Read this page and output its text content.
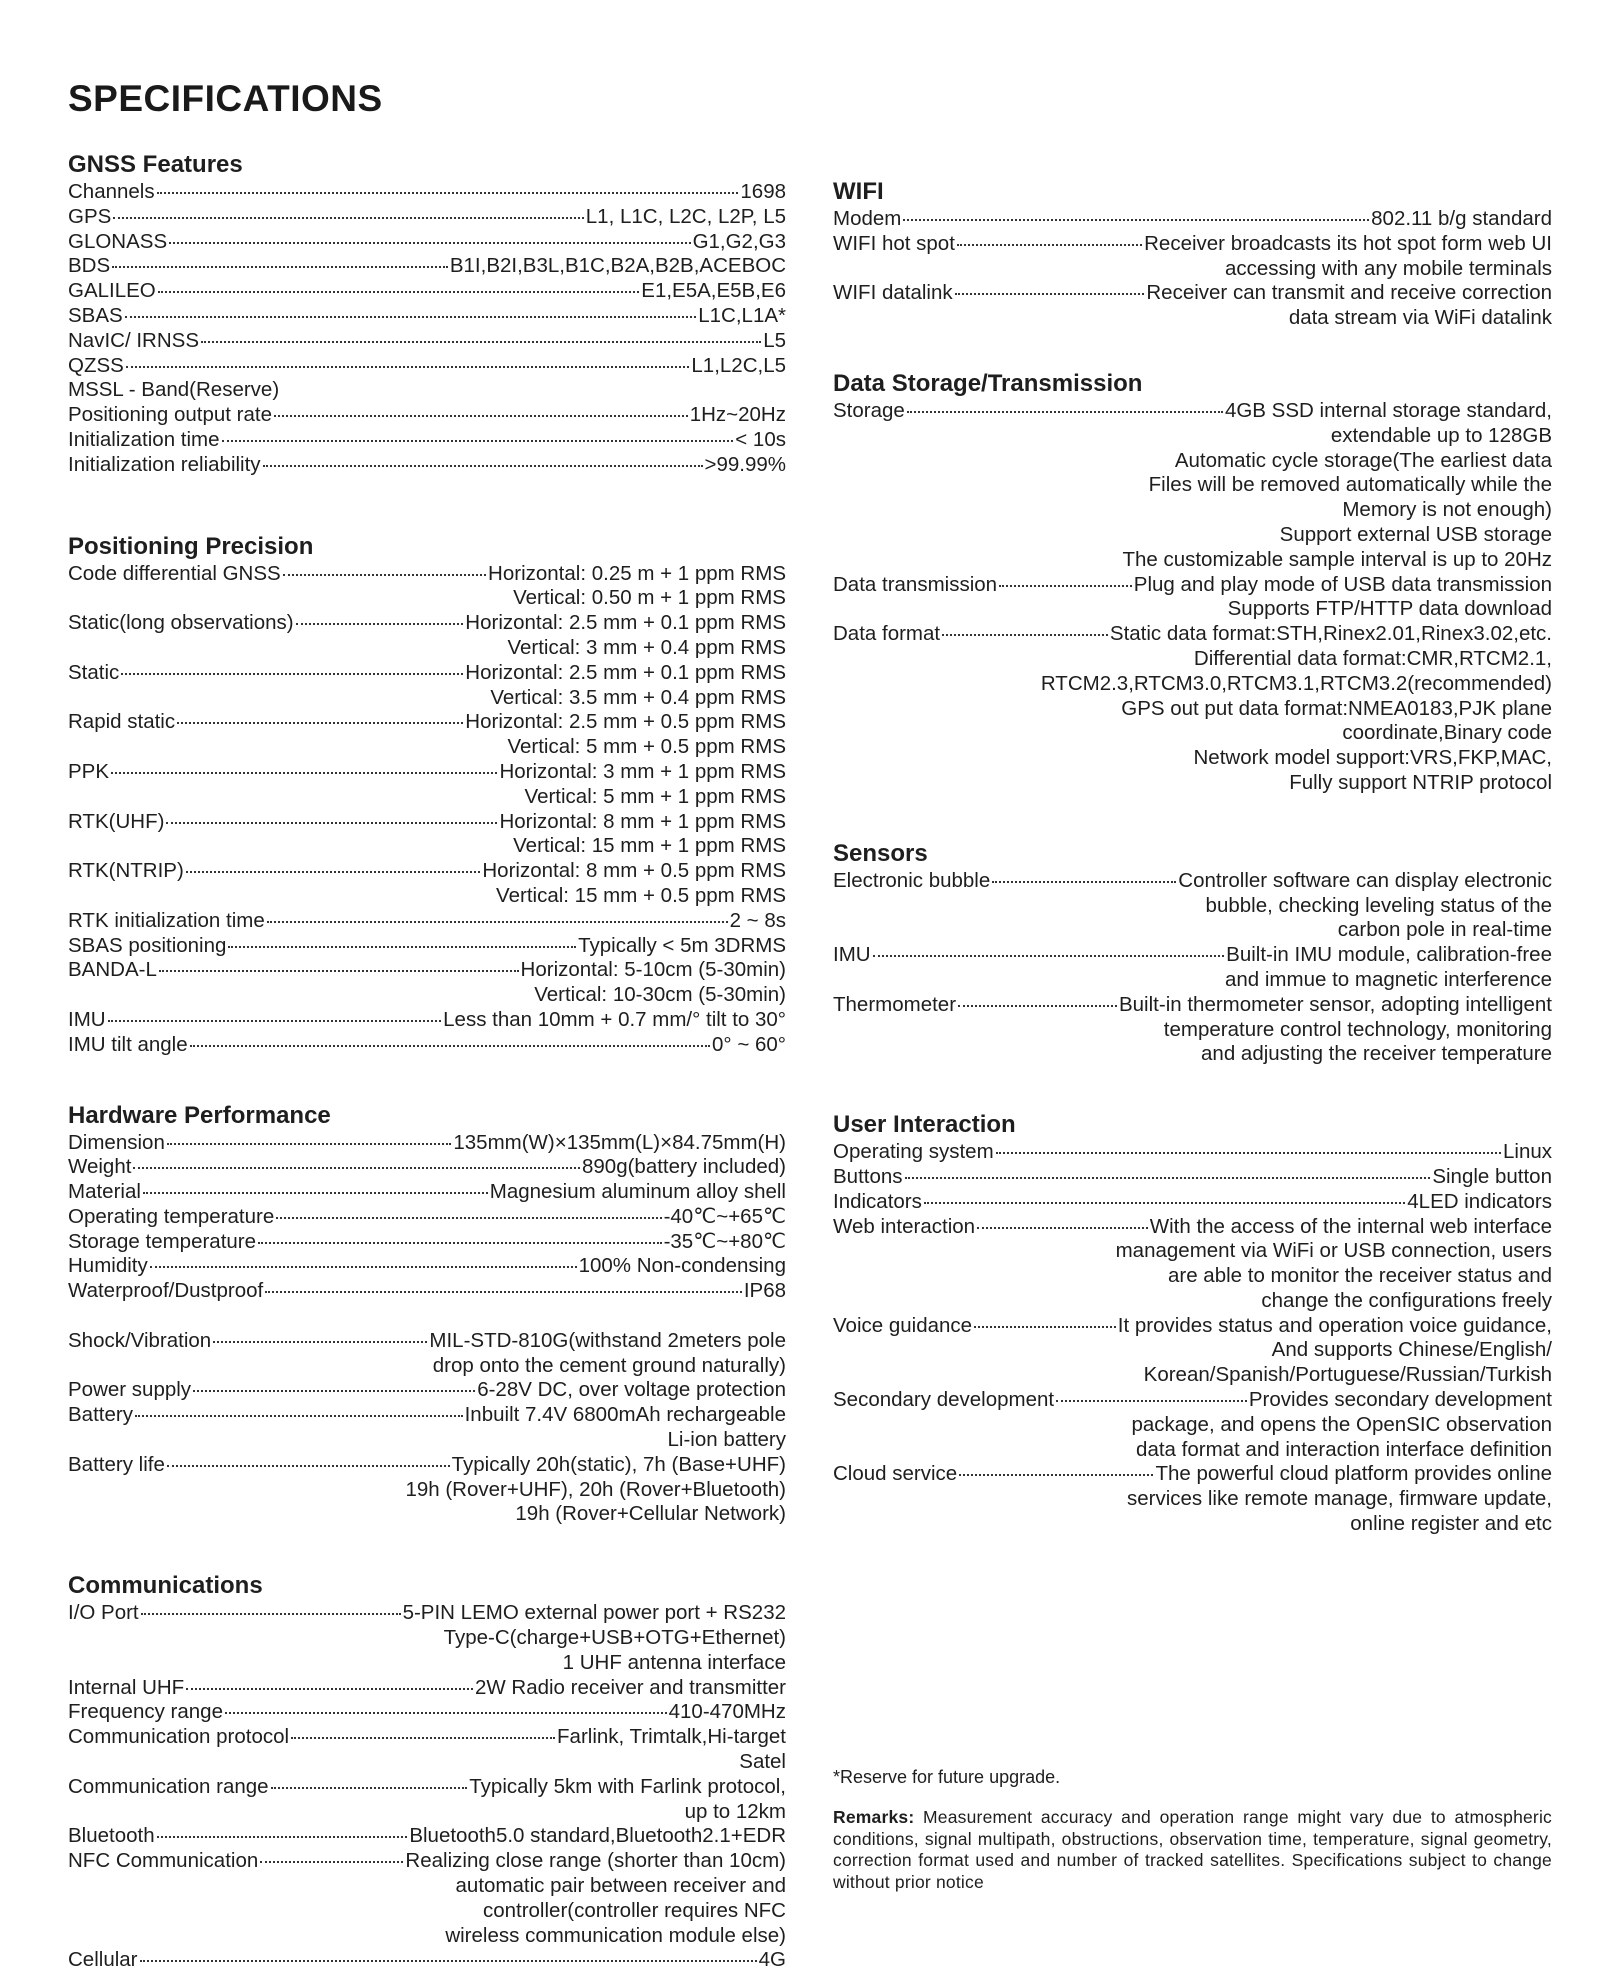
SPECIFICATIONS
GNSS Features
Channels	1698
GPS	L1, L1C, L2C, L2P, L5
GLONASS	G1,G2,G3
BDS	B1I,B2I,B3L,B1C,B2A,B2B,ACEBOC
GALILEO	E1,E5A,E5B,E6
SBAS	L1C,L1A*
NavIC/ IRNSS	L5
QZSS	L1,L2C,L5
MSSL - Band(Reserve)
Positioning output rate	1Hz~20Hz
Initialization time	< 10s
Initialization reliability	>99.99%
Positioning Precision
Code differential GNSS	Horizontal: 0.25 m + 1 ppm RMS
Vertical: 0.50 m + 1 ppm RMS
Static(long observations)	Horizontal: 2.5 mm + 0.1 ppm RMS
Vertical: 3 mm + 0.4 ppm RMS
Static	Horizontal: 2.5 mm + 0.1 ppm RMS
Vertical: 3.5 mm + 0.4 ppm RMS
Rapid static	Horizontal: 2.5 mm + 0.5 ppm RMS
Vertical: 5 mm + 0.5 ppm RMS
PPK	Horizontal: 3 mm + 1 ppm RMS
Vertical: 5 mm + 1 ppm RMS
RTK(UHF)	Horizontal: 8 mm + 1 ppm RMS
Vertical: 15 mm + 1 ppm RMS
RTK(NTRIP)	Horizontal: 8 mm + 0.5 ppm RMS
Vertical: 15 mm + 0.5 ppm RMS
RTK initialization time	2 ~ 8s
SBAS positioning	Typically < 5m 3DRMS
BANDA-L	Horizontal: 5-10cm (5-30min)
Vertical: 10-30cm (5-30min)
IMU	Less than 10mm + 0.7 mm/° tilt to 30°
IMU tilt angle	0° ~ 60°
Hardware Performance
Dimension	135mm(W)×135mm(L)×84.75mm(H)
Weight	890g(battery included)
Material	Magnesium aluminum alloy shell
Operating temperature	-40℃~+65℃
Storage temperature	-35℃~+80℃
Humidity	100% Non-condensing
Waterproof/Dustproof	IP68
Shock/Vibration	MIL-STD-810G(withstand 2meters pole
drop onto the cement ground naturally)
Power supply	6-28V DC, over voltage protection
Battery	Inbuilt 7.4V 6800mAh rechargeable
Li-ion battery
Battery life	Typically 20h(static), 7h (Base+UHF)
19h (Rover+UHF), 20h (Rover+Bluetooth)
19h (Rover+Cellular Network)
Communications
I/O Port	5-PIN LEMO external power port + RS232
Type-C(charge+USB+OTG+Ethernet)
1 UHF antenna interface
Internal UHF	2W Radio receiver and transmitter
Frequency range	410-470MHz
Communication protocol	Farlink, Trimtalk,Hi-target
Satel
Communication range	Typically 5km with Farlink protocol,
up to 12km
Bluetooth	Bluetooth5.0 standard,Bluetooth2.1+EDR
NFC Communication	Realizing close range (shorter than 10cm)
automatic pair between receiver and
controller(controller requires NFC
wireless communication module else)
Cellular	4G
WIFI
Modem	802.11 b/g standard
WIFI hot spot	Receiver broadcasts its hot spot form web UI
accessing with any mobile terminals
WIFI datalink	Receiver can transmit and receive correction
data stream via WiFi datalink
Data Storage/Transmission
Storage	4GB SSD internal storage standard,
extendable up to 128GB
Automatic cycle storage(The earliest data
Files will be removed automatically while the
Memory is not enough)
Support external USB storage
The customizable sample interval is up to 20Hz
Data transmission	Plug and play mode of USB data transmission
Supports FTP/HTTP data download
Data format	Static data format:STH,Rinex2.01,Rinex3.02,etc.
Differential data format:CMR,RTCM2.1,
RTCM2.3,RTCM3.0,RTCM3.1,RTCM3.2(recommended)
GPS out put data format:NMEA0183,PJK plane
coordinate,Binary code
Network model support:VRS,FKP,MAC,
Fully support NTRIP protocol
Sensors
Electronic bubble	Controller software can display electronic
bubble, checking leveling status of the
carbon pole in real-time
IMU	Built-in IMU module, calibration-free
and immue to magnetic interference
Thermometer	Built-in thermometer sensor, adopting intelligent
temperature control technology, monitoring
and adjusting the receiver temperature
User Interaction
Operating system	Linux
Buttons	Single button
Indicators	4LED indicators
Web interaction	With the access of the internal web interface
management via WiFi or USB connection, users
are able to monitor the receiver status and
change the configurations freely
Voice guidance	It provides status and operation voice guidance,
And supports Chinese/English/
Korean/Spanish/Portuguese/Russian/Turkish
Secondary development	Provides secondary development
package, and opens the OpenSIC observation
data format and interaction interface definition
Cloud service	The powerful cloud platform provides online
services like remote manage, firmware update,
online register and etc
*Reserve for future upgrade.
Remarks: Measurement accuracy and operation range might vary due to atmospheric conditions, signal multipath, obstructions, observation time, temperature, signal geometry, correction format used and number of tracked satellites. Specifications subject to change without prior notice
